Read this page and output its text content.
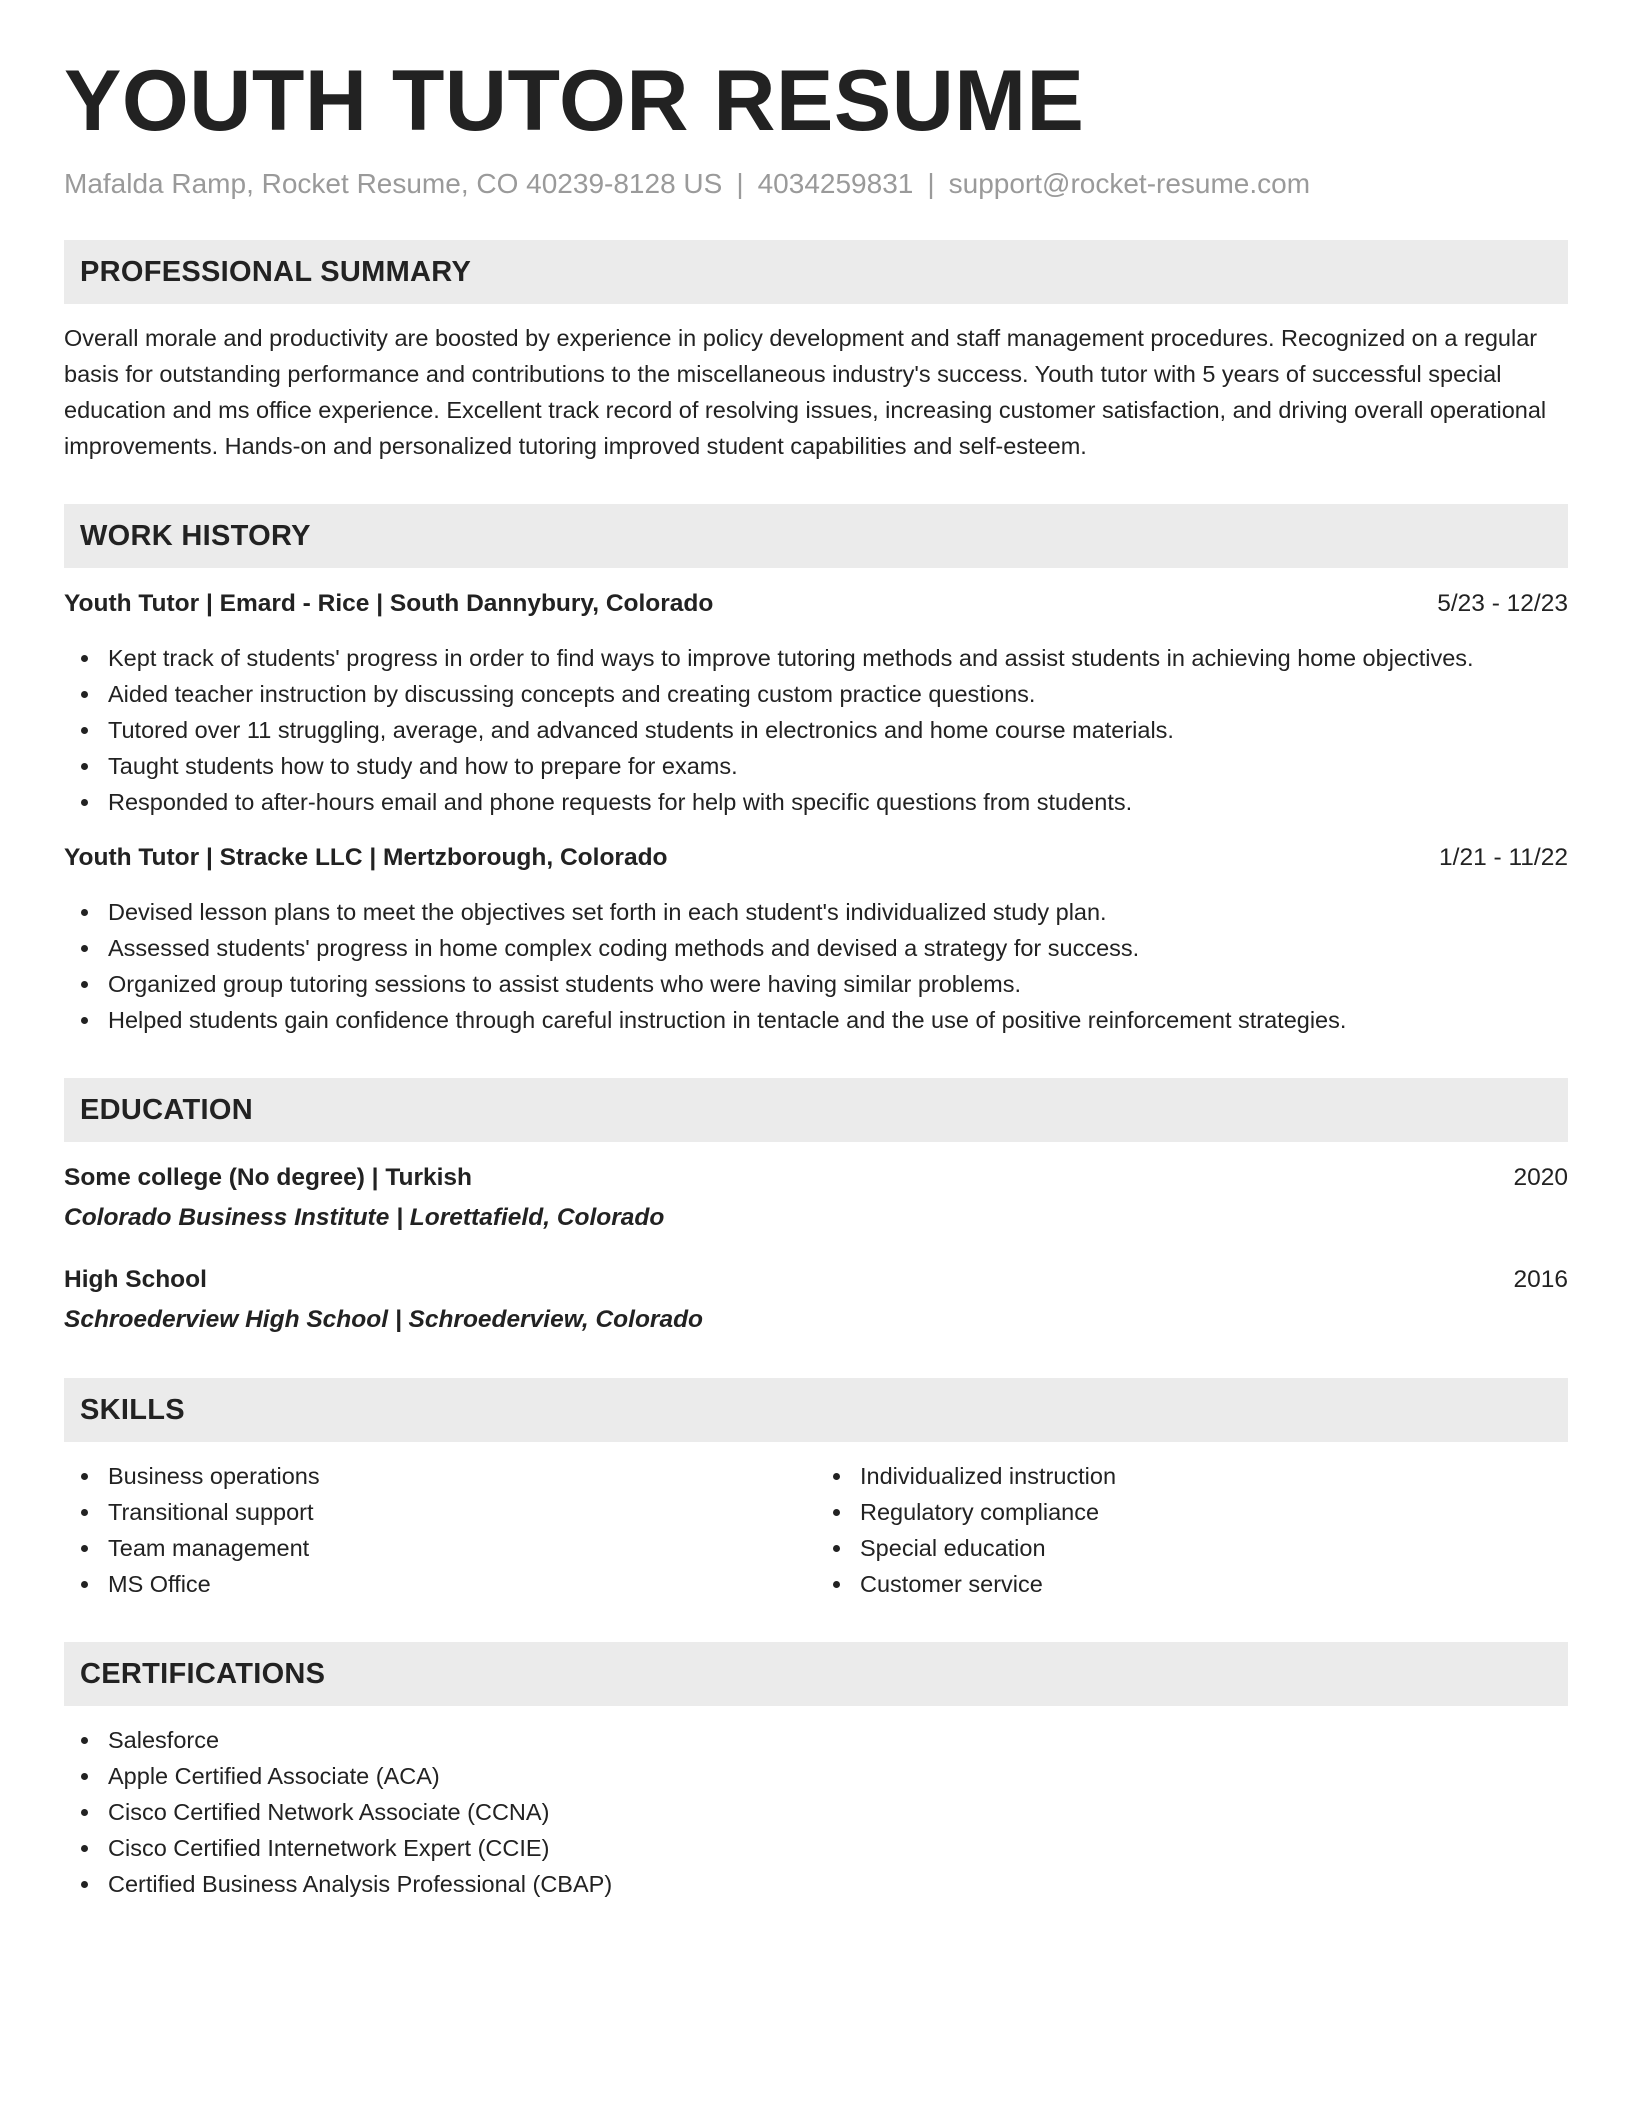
YOUTH TUTOR RESUME
Mafalda Ramp, Rocket Resume, CO 40239-8128 US | 4034259831 | support@rocket-resume.com
PROFESSIONAL SUMMARY

Overall morale and productivity are boosted by experience in policy development and staff management procedures. Recognized on a regular basis for outstanding performance and contributions to the miscellaneous industry's success. Youth tutor with 5 years of successful special education and ms office experience. Excellent track record of resolving issues, increasing customer satisfaction, and driving overall operational improvements. Hands-on and personalized tutoring improved student capabilities and self-esteem.

WORK HISTORY
Youth Tutor | Emard - Rice | South Dannybury, Colorado	5/23 - 12/23
Kept track of students' progress in order to find ways to improve tutoring methods and assist students in achieving home objectives.
Aided teacher instruction by discussing concepts and creating custom practice questions.
Tutored over 11 struggling, average, and advanced students in electronics and home course materials.
Taught students how to study and how to prepare for exams.
Responded to after-hours email and phone requests for help with specific questions from students.
Youth Tutor | Stracke LLC | Mertzborough, Colorado	1/21 - 11/22
Devised lesson plans to meet the objectives set forth in each student's individualized study plan.
Assessed students' progress in home complex coding methods and devised a strategy for success.
Organized group tutoring sessions to assist students who were having similar problems.
Helped students gain confidence through careful instruction in tentacle and the use of positive reinforcement strategies.
EDUCATION
Some college (No degree) | Turkish	2020
Colorado Business Institute | Lorettafield, Colorado
High School	2016
Schroederview High School | Schroederview, Colorado
SKILLS
Business operations
Transitional support
Team management
MS Office
Individualized instruction
Regulatory compliance
Special education
Customer service
CERTIFICATIONS
Salesforce
Apple Certified Associate (ACA)
Cisco Certified Network Associate (CCNA)
Cisco Certified Internetwork Expert (CCIE)
Certified Business Analysis Professional (CBAP)
